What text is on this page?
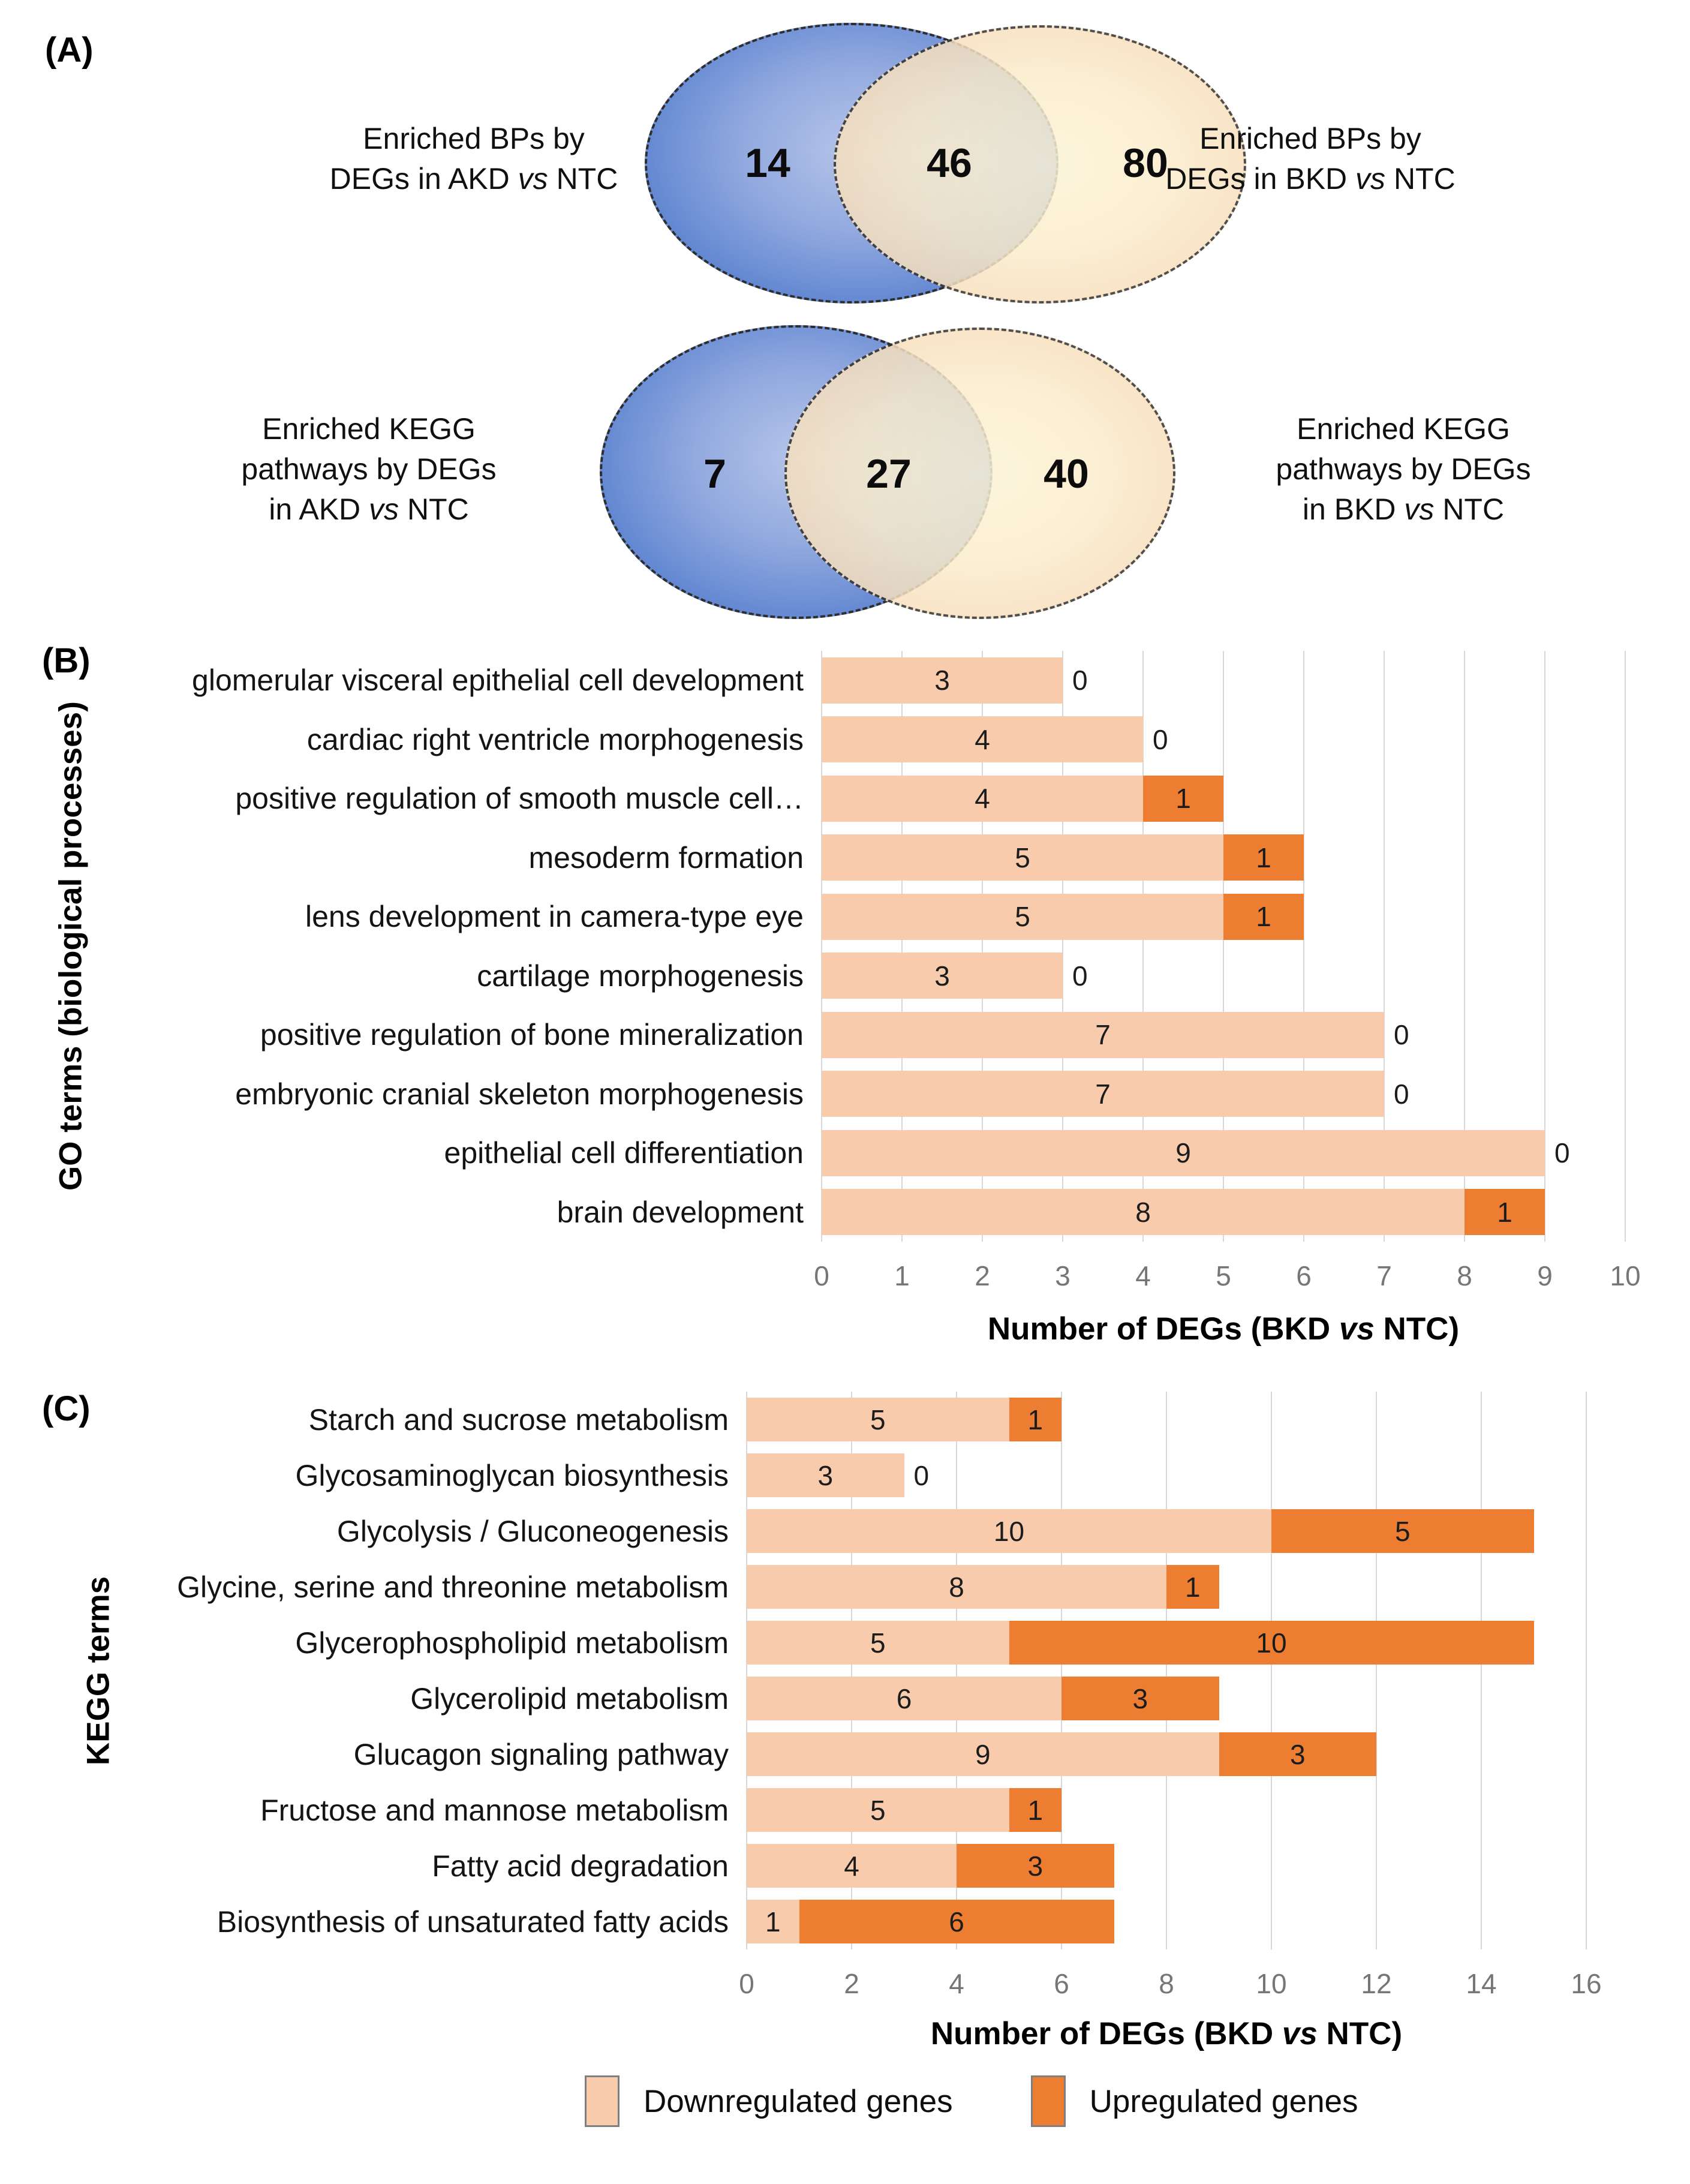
(A)
Enriched BPs by
DEGs in AKD vs NTC	14	46	80
Enriched BPs by
DEGs in BKD vs NTC
Enriched KEGG
pathways by DEGs
in AKD vs NTC
7	27	40
Enriched KEGG
pathways by DEGs
in BKD vs NTC
(B)
GO terms (biological processes)
glomerular visceral epithelial cell development	3	0
cardiac right ventricle morphogenesis	4	0
positive regulation of smooth muscle cell…	4	1
mesoderm formation	5	1
lens development in camera-type eye	5	1
cartilage morphogenesis	3	0
positive regulation of bone mineralization	7	0
embryonic cranial skeleton morphogenesis	7	0
epithelial cell differentiation	9	0
brain development	8	1
0 1 2 3 4 5 6 7 8 9 10
Number of DEGs (BKD vs NTC)
(C)
KEGG terms
Starch and sucrose metabolism	5	1
Glycosaminoglycan biosynthesis	3	0
Glycolysis / Gluconeogenesis	10	5
Glycine, serine and threonine metabolism	8	1
Glycerophospholipid metabolism	5	10
Glycerolipid metabolism	6	3
Glucagon signaling pathway	9	3
Fructose and mannose metabolism	5	1
Fatty acid degradation	4	3
Biosynthesis of unsaturated fatty acids	1	6
0	2	4	6	8	10	12	14	16
Number of DEGs (BKD vs NTC)
Downregulated genes	Upregulated genes
